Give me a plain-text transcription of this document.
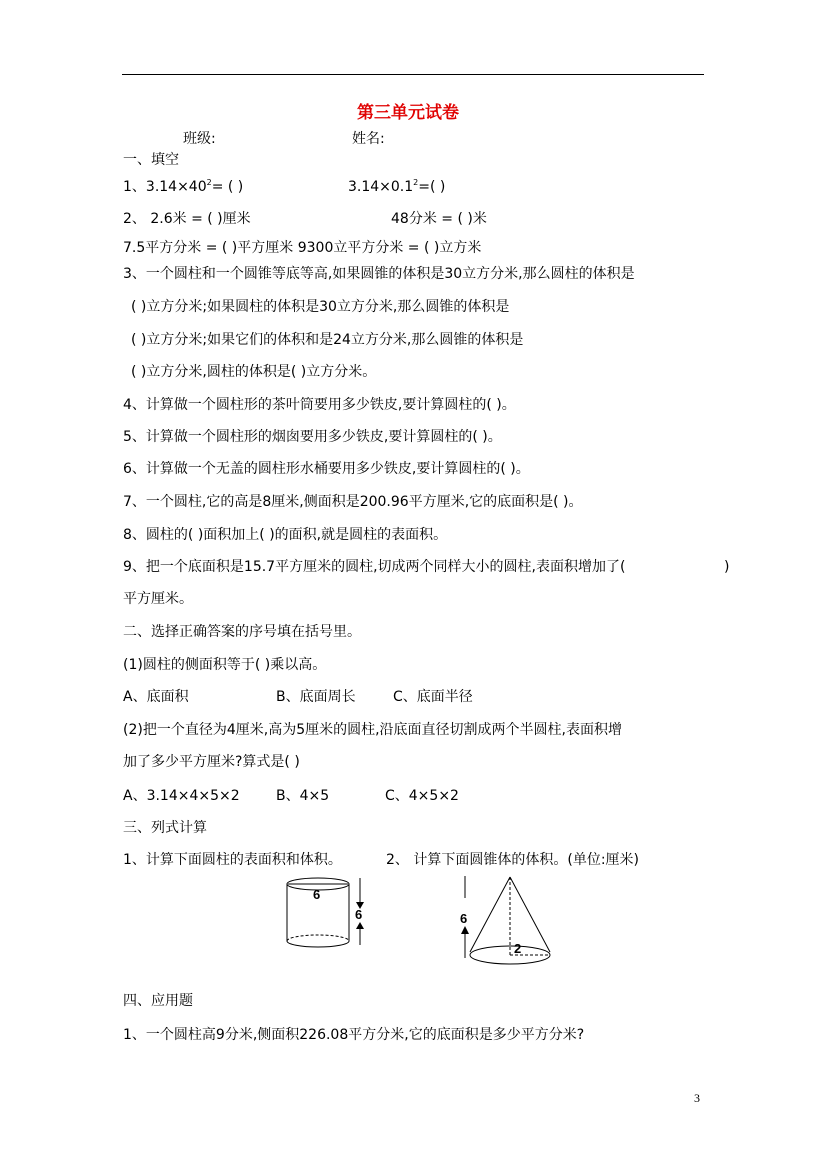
第三单元试卷
班级:	姓名:
一、填空
1、$3.14\times 40^2=$ ( )	$3.14\times 0.1^2=$( )
2、 2.6米 = ( )厘米	48分米 = ( )米
7.5平方分米 = ( )平方厘米 9300立平方分米 = ( )立方米
3、一个圆柱和一个圆锥等底等高,如果圆锥的体积是30立方分米,那么圆柱的体积是
( )立方分米;如果圆柱的体积是30立方分米,那么圆锥的体积是
( )立方分米;如果它们的体积和是24立方分米,那么圆锥的体积是
( )立方分米,圆柱的体积是( )立方分米。
4、计算做一个圆柱形的茶叶筒要用多少铁皮,要计算圆柱的( )。
5、计算做一个圆柱形的烟囱要用多少铁皮,要计算圆柱的( )。
6、计算做一个无盖的圆柱形水桶要用多少铁皮,要计算圆柱的( )。
7、一个圆柱,它的高是8厘米,侧面积是200.96平方厘米,它的底面积是( )。
8、圆柱的( )面积加上( )的面积,就是圆柱的表面积。
9、把一个底面积是15.7平方厘米的圆柱,切成两个同样大小的圆柱,表面积增加了(	)
平方厘米。
二、选择正确答案的序号填在括号里。
(1)圆柱的侧面积等于( )乘以高。
A、底面积	B、底面周长	C、底面半径
(2)把一个直径为4厘米,高为5厘米的圆柱,沿底面直径切割成两个半圆柱,表面积增
加了多少平方厘米?算式是( )
A、3.14×4×5×2	B、4×5	C、4×5×2
三、列式计算
1、计算下面圆柱的表面积和体积。	2、 计算下面圆锥体的体积。(单位:厘米)
6
6	6
2
四、应用题
1、一个圆柱高9分米,侧面积226.08平方分米,它的底面积是多少平方分米?
3
